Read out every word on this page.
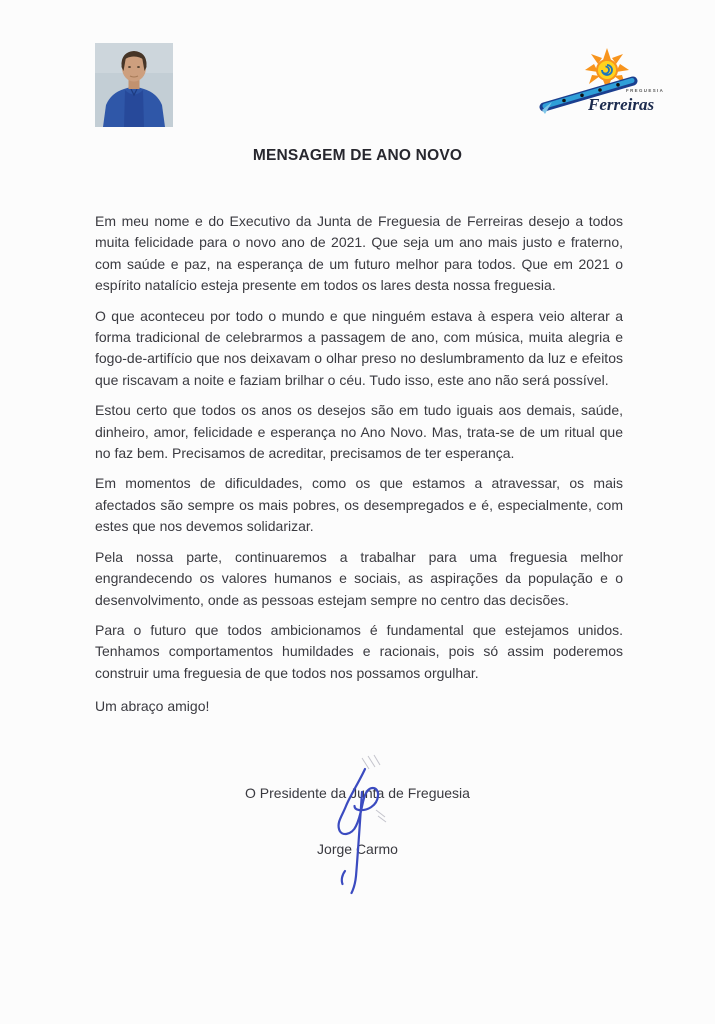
FREGUESIA
Ferreiras
MENSAGEM DE ANO NOVO

Em meu nome e do Executivo da Junta de Freguesia de Ferreiras desejo a todos muita felicidade para o novo ano de 2021. Que seja um ano mais justo e fraterno, com saúde e paz, na esperança de um futuro melhor para todos. Que em 2021 o espírito natalício esteja presente em todos os lares desta nossa freguesia.

O que aconteceu por todo o mundo e que ninguém estava à espera veio alterar a forma tradicional de celebrarmos a passagem de ano, com música, muita alegria e fogo-de-artifício que nos deixavam o olhar preso no deslumbramento da luz e efeitos que riscavam a noite e faziam brilhar o céu. Tudo isso, este ano não será possível.

Estou certo que todos os anos os desejos são em tudo iguais aos demais, saúde, dinheiro, amor, felicidade e esperança no Ano Novo. Mas, trata-se de um ritual que no faz bem. Precisamos de acreditar, precisamos de ter esperança.

Em momentos de dificuldades, como os que estamos a atravessar, os mais afectados são sempre os mais pobres, os desempregados e é, especialmente, com estes que nos devemos solidarizar.

Pela nossa parte, continuaremos a trabalhar para uma freguesia melhor engrandecendo os valores humanos e sociais, as aspirações da população e o desenvolvimento, onde as pessoas estejam sempre no centro das decisões.

Para o futuro que todos ambicionamos é fundamental que estejamos unidos. Tenhamos comportamentos humildades e racionais, pois só assim poderemos construir uma freguesia de que todos nos possamos orgulhar.

Um abraço amigo!
O Presidente da Junta de Freguesia
Jorge Carmo
